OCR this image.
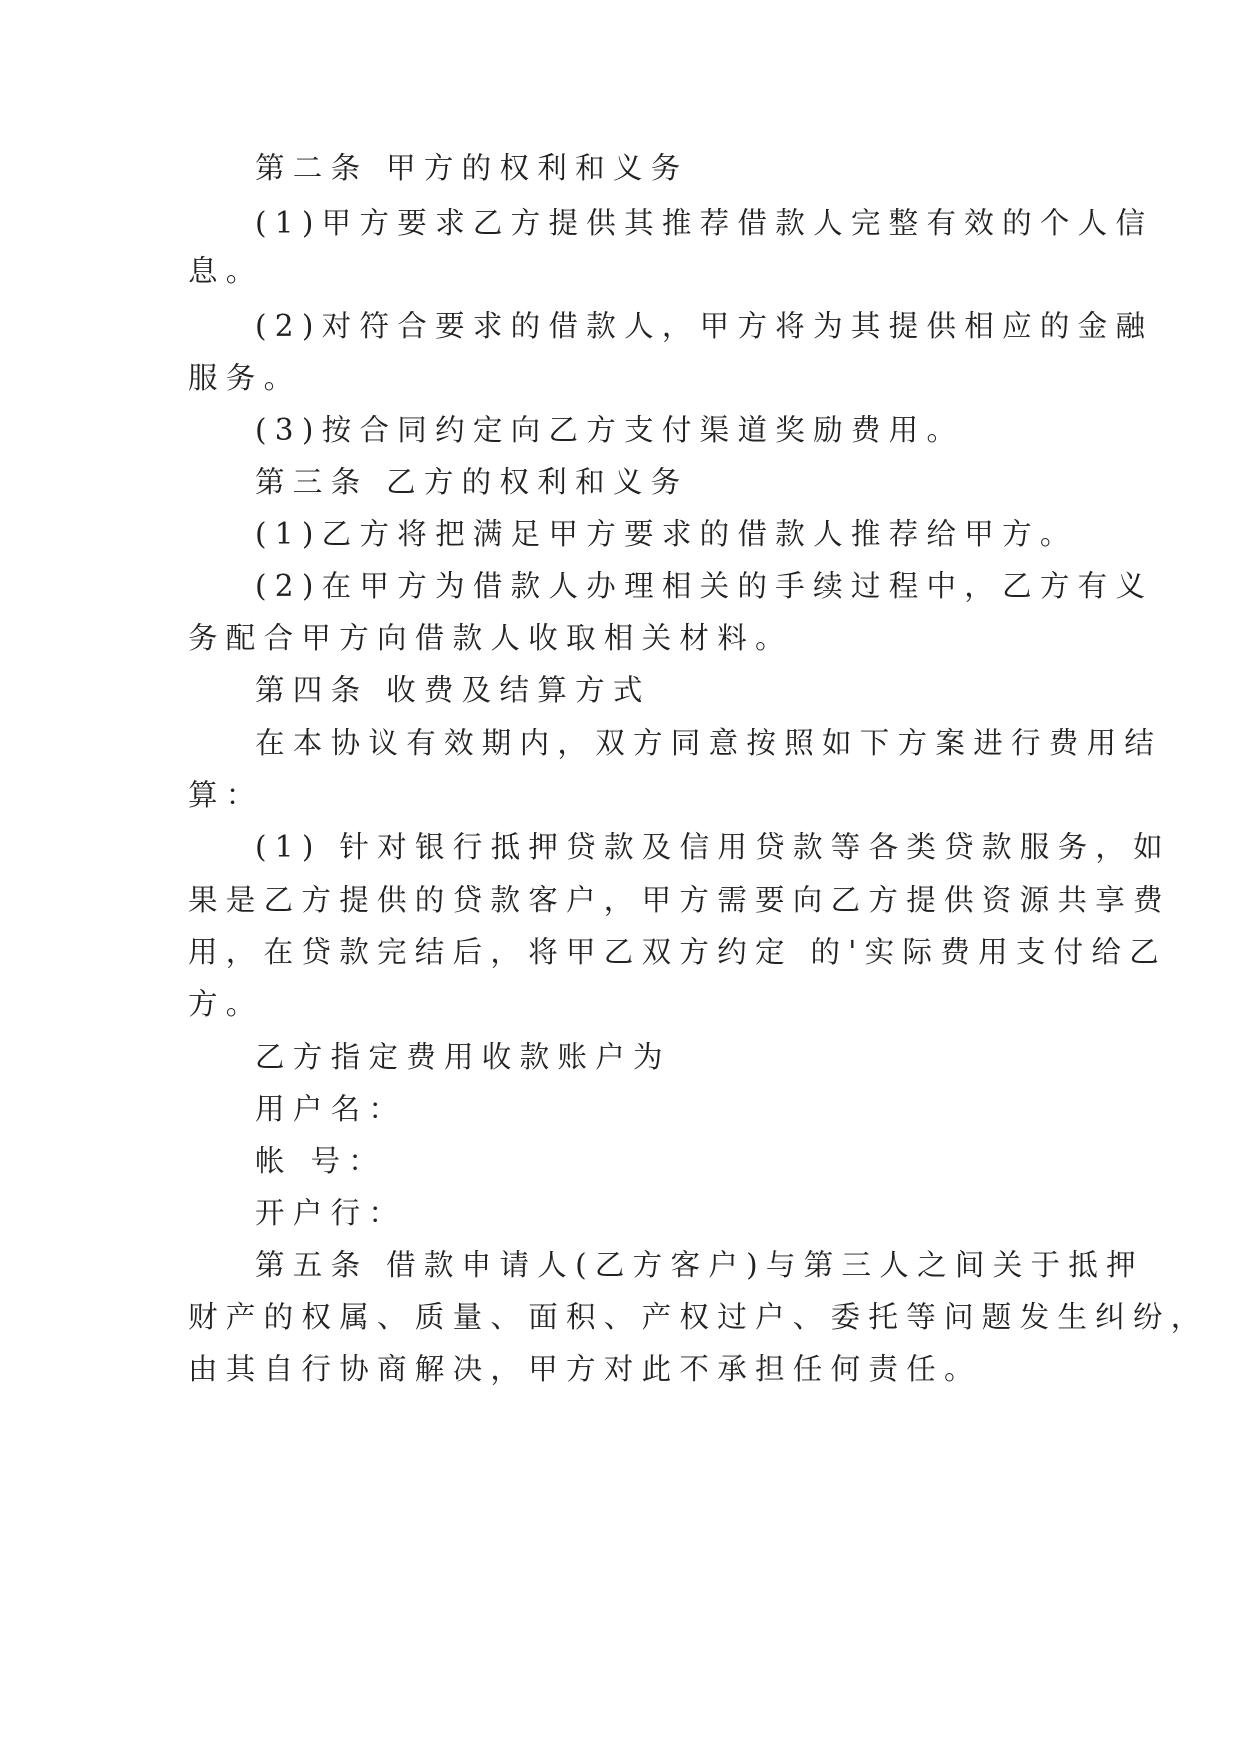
第二条 甲方的权利和义务
(1)甲方要求乙方提供其推荐借款人完整有效的个人信
息。
(2)对符合要求的借款人，甲方将为其提供相应的金融
服务。
(3)按合同约定向乙方支付渠道奖励费用。
第三条 乙方的权利和义务
(1)乙方将把满足甲方要求的借款人推荐给甲方。
(2)在甲方为借款人办理相关的手续过程中，乙方有义
务配合甲方向借款人收取相关材料。
第四条 收费及结算方式
在本协议有效期内，双方同意按照如下方案进行费用结
算：
(1) 针对银行抵押贷款及信用贷款等各类贷款服务，如
果是乙方提供的贷款客户，甲方需要向乙方提供资源共享费
用，在贷款完结后，将甲乙双方约定 的'实际费用支付给乙
方。
乙方指定费用收款账户为
用户名：
帐 号：
开户行：
第五条 借款申请人(乙方客户)与第三人之间关于抵押
财产的权属、质量、面积、产权过户、委托等问题发生纠纷，
由其自行协商解决，甲方对此不承担任何责任。
